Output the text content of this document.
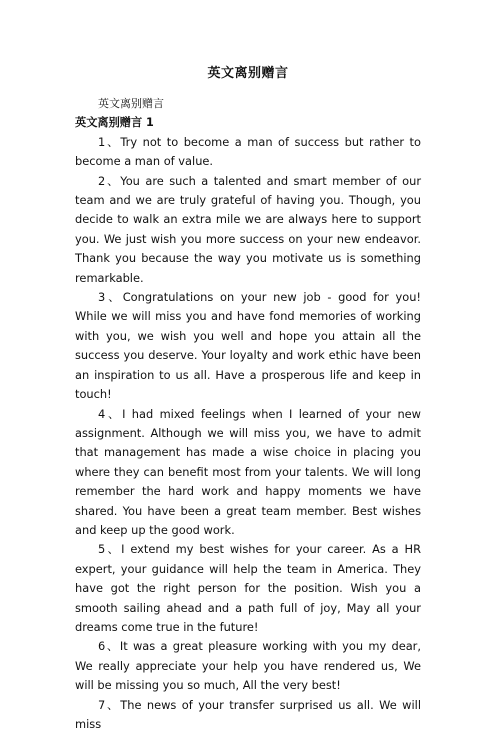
英文离别赠言

英文离别赠言

英文离别赠言 1

1、Try not to become a man of success but rather to become a man of value.

2、You are such a talented and smart member of our team and we are truly grateful of having you. Though, you decide to walk an extra mile we are always here to support you. We just wish you more success on your new endeavor. Thank you because the way you motivate us is something remarkable.

3、Congratulations on your new job - good for you! While we will miss you and have fond memories of working with you, we wish you well and hope you attain all the success you deserve. Your loyalty and work ethic have been an inspiration to us all. Have a prosperous life and keep in touch!

4、I had mixed feelings when I learned of your new assignment. Although we will miss you, we have to admit that management has made a wise choice in placing you where they can benefit most from your talents. We will long remember the hard work and happy moments we have shared. You have been a great team member. Best wishes and keep up the good work.

5、I extend my best wishes for your career. As a HR expert, your guidance will help the team in America. They have got the right person for the position. Wish you a smooth sailing ahead and a path full of joy, May all your dreams come true in the future!

6、It was a great pleasure working with you my dear, We really appreciate your help you have rendered us, We will be missing you so much, All the very best!

7、The news of your transfer surprised us all. We will miss
